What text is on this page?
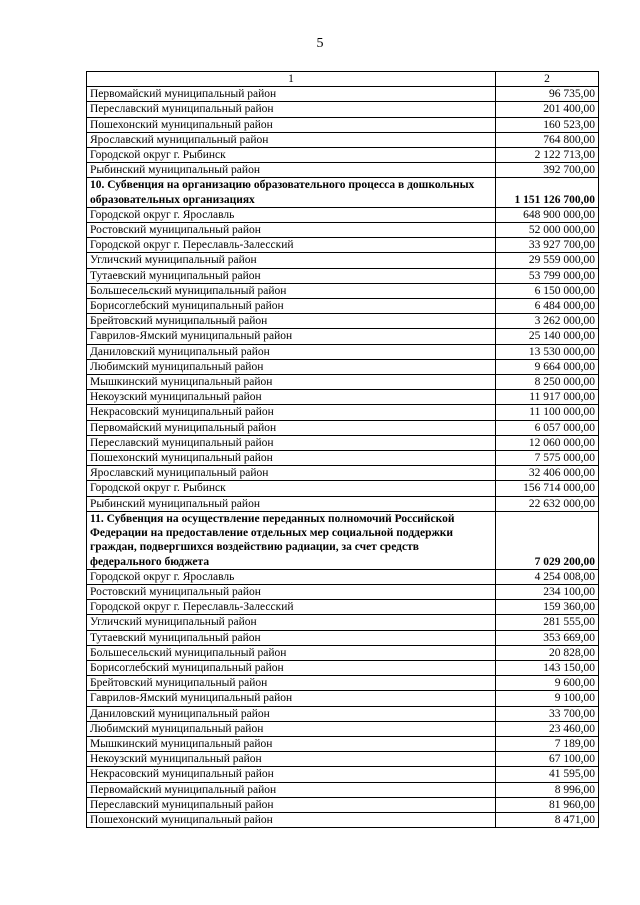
5
1	2
Первомайский муниципальный район	96 735,00
Переславский муниципальный район	201 400,00
Пошехонский муниципальный район	160 523,00
Ярославский муниципальный район	764 800,00
Городской округ г. Рыбинск	2 122 713,00
Рыбинский муниципальный район	392 700,00
10. Субвенция на организацию образовательного процесса в дошкольных образовательных организациях	1 151 126 700,00
Городской округ г. Ярославль	648 900 000,00
Ростовский муниципальный район	52 000 000,00
Городской округ г. Переславль-Залесский	33 927 700,00
Угличский муниципальный район	29 559 000,00
Тутаевский муниципальный район	53 799 000,00
Большесельский муниципальный район	6 150 000,00
Борисоглебский муниципальный район	6 484 000,00
Брейтовский муниципальный район	3 262 000,00
Гаврилов-Ямский муниципальный район	25 140 000,00
Даниловский муниципальный район	13 530 000,00
Любимский муниципальный район	9 664 000,00
Мышкинский муниципальный район	8 250 000,00
Некоузский муниципальный район	11 917 000,00
Некрасовский муниципальный район	11 100 000,00
Первомайский муниципальный район	6 057 000,00
Переславский муниципальный район	12 060 000,00
Пошехонский муниципальный район	7 575 000,00
Ярославский муниципальный район	32 406 000,00
Городской округ г. Рыбинск	156 714 000,00
Рыбинский муниципальный район	22 632 000,00
11. Субвенция на осуществление переданных полномочий Российской Федерации на предоставление отдельных мер социальной поддержки граждан, подвергшихся воздействию радиации, за счет средств федерального бюджета	7 029 200,00
Городской округ г. Ярославль	4 254 008,00
Ростовский муниципальный район	234 100,00
Городской округ г. Переславль-Залесский	159 360,00
Угличский муниципальный район	281 555,00
Тутаевский муниципальный район	353 669,00
Большесельский муниципальный район	20 828,00
Борисоглебский муниципальный район	143 150,00
Брейтовский муниципальный район	9 600,00
Гаврилов-Ямский муниципальный район	9 100,00
Даниловский муниципальный район	33 700,00
Любимский муниципальный район	23 460,00
Мышкинский муниципальный район	7 189,00
Некоузский муниципальный район	67 100,00
Некрасовский муниципальный район	41 595,00
Первомайский муниципальный район	8 996,00
Переславский муниципальный район	81 960,00
Пошехонский муниципальный район	8 471,00
